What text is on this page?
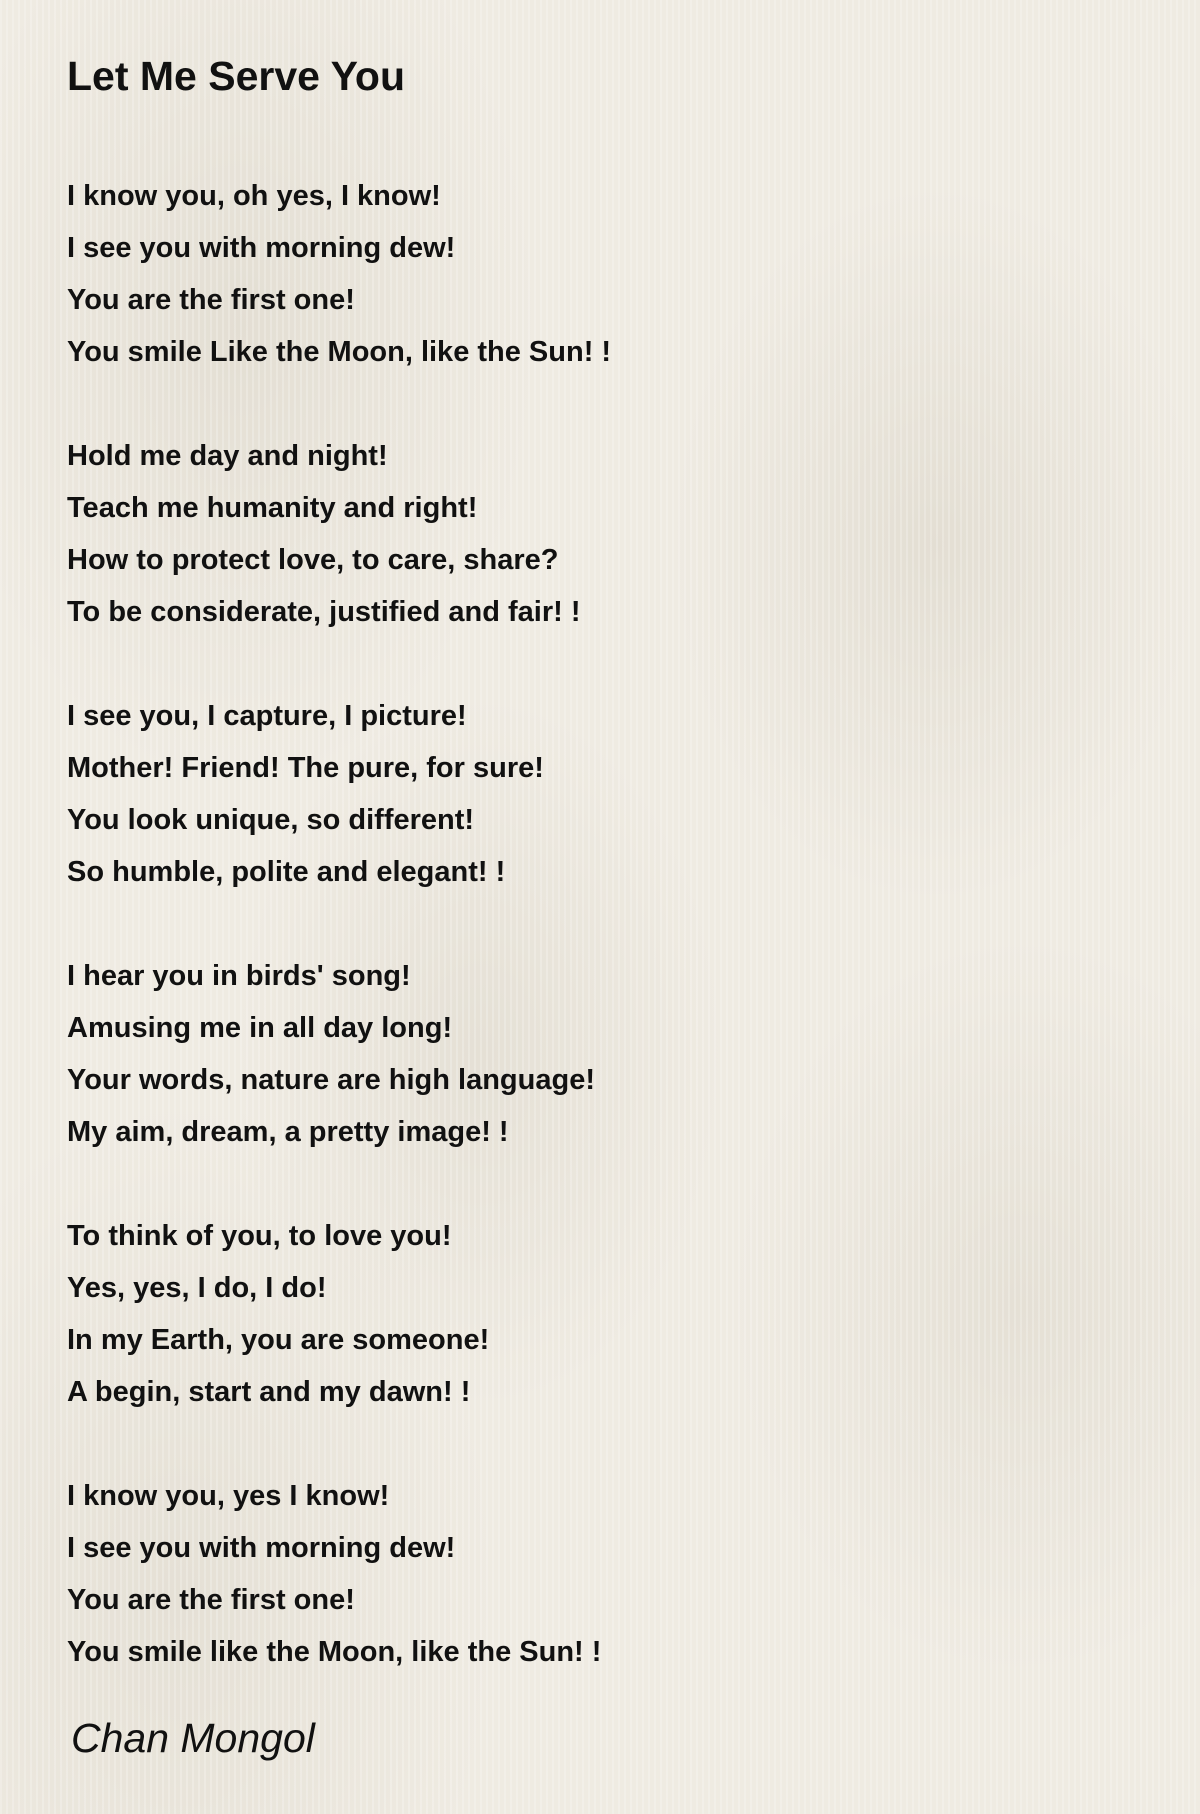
Let Me Serve You
I know you, oh yes, I know!
I see you with morning dew!
You are the first one!
You smile Like the Moon, like the Sun! !
Hold me day and night!
Teach me humanity and right!
How to protect love, to care, share?
To be considerate, justified and fair! !
I see you, I capture, I picture!
Mother! Friend! The pure, for sure!
You look unique, so different!
So humble, polite and elegant! !
I hear you in birds' song!
Amusing me in all day long!
Your words, nature are high language!
My aim, dream, a pretty image! !
To think of you, to love you!
Yes, yes, I do, I do!
In my Earth, you are someone!
A begin, start and my dawn! !
I know you, yes I know!
I see you with morning dew!
You are the first one!
You smile like the Moon, like the Sun! !
Chan Mongol
